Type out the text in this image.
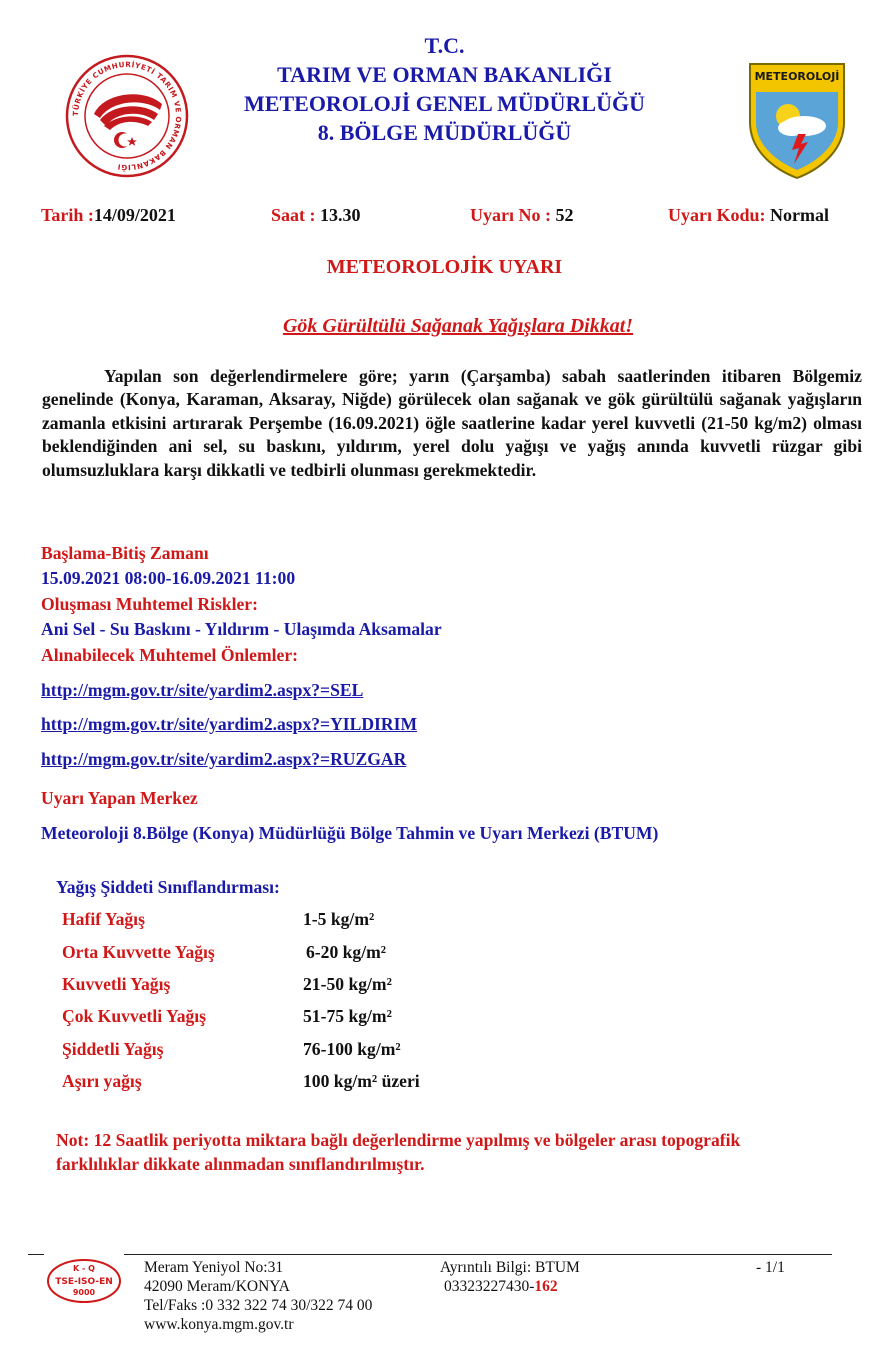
TÜRKİYE CUMHURİYETİ TARIM VE ORMAN BAKANLIĞI
T.C.
TARIM VE ORMAN BAKANLIĞI
METEOROLOJİ GENEL MÜDÜRLÜĞÜ
8. BÖLGE MÜDÜRLÜĞÜ
METEOROLOJİ
Tarih :14/09/2021	Saat : 13.30	Uyarı No : 52	Uyarı Kodu: Normal
METEOROLOJİK UYARI
Gök Gürültülü Sağanak Yağışlara Dikkat!
Yapılan son değerlendirmelere göre; yarın (Çarşamba) sabah saatlerinden itibaren Bölgemiz genelinde (Konya, Karaman, Aksaray, Niğde) görülecek olan sağanak ve gök gürültülü sağanak yağışların zamanla etkisini artırarak Perşembe (16.09.2021) öğle saatlerine kadar yerel kuvvetli (21-50 kg/m2) olması beklendiğinden ani sel, su baskını, yıldırım, yerel dolu yağışı ve yağış anında kuvvetli rüzgar gibi olumsuzluklara karşı dikkatli ve tedbirli olunması gerekmektedir.
Başlama-Bitiş Zamanı
15.09.2021 08:00-16.09.2021 11:00
Oluşması Muhtemel Riskler:
Ani Sel - Su Baskını - Yıldırım - Ulaşımda Aksamalar
Alınabilecek Muhtemel Önlemler:
http://mgm.gov.tr/site/yardim2.aspx?=SEL
http://mgm.gov.tr/site/yardim2.aspx?=YILDIRIM
http://mgm.gov.tr/site/yardim2.aspx?=RUZGAR
Uyarı Yapan Merkez
Meteoroloji 8.Bölge (Konya) Müdürlüğü Bölge Tahmin ve Uyarı Merkezi (BTUM)
Yağış Şiddeti Sınıflandırması:
Hafif Yağış	1-5 kg/m²
Orta Kuvvette Yağış	6-20 kg/m²
Kuvvetli Yağış	21-50 kg/m²
Çok Kuvvetli Yağış	51-75 kg/m²
Şiddetli Yağış	76-100 kg/m²
Aşırı yağış	100 kg/m² üzeri
Not: 12 Saatlik periyotta miktara bağlı değerlendirme yapılmış ve bölgeler arası topografik farklılıklar dikkate alınmadan sınıflandırılmıştır.
K - Q
TSE-ISO-EN
9000
Meram Yeniyol No:31
42090 Meram/KONYA
Tel/Faks :0 332 322 74 30/322 74 00
www.konya.mgm.gov.tr
Ayrıntılı Bilgi: BTUM
03323227430-162
- 1/1
